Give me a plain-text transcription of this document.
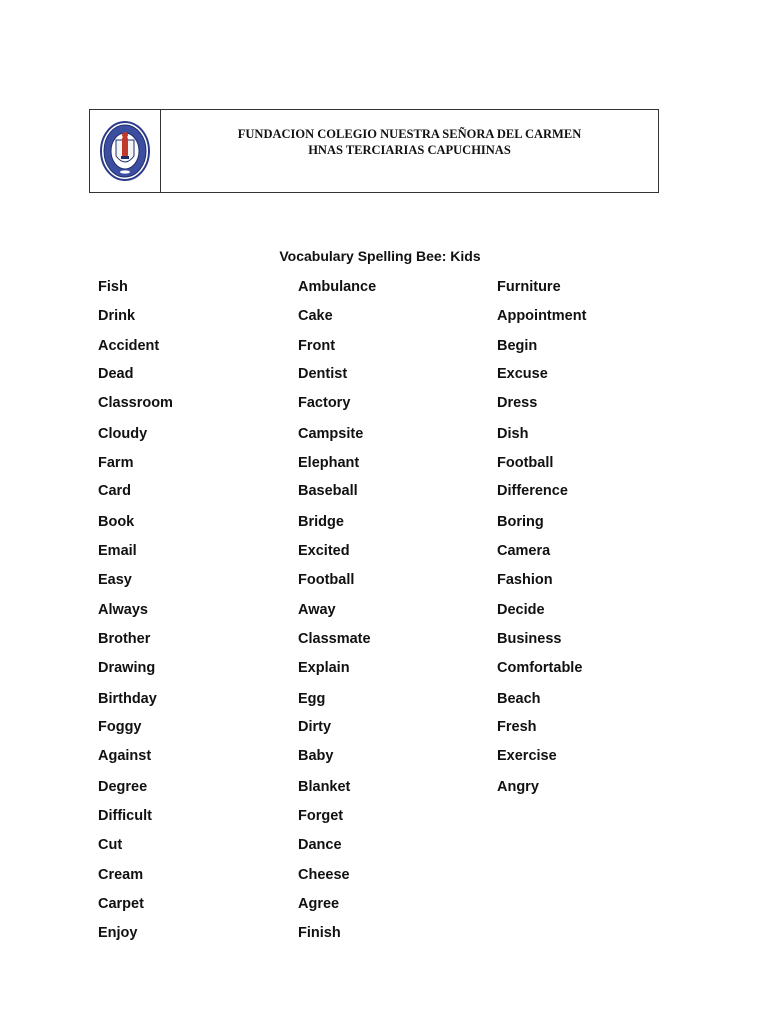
FUNDACION COLEGIO NUESTRA SEÑORA DEL CARMEN
HNAS TERCIARIAS CAPUCHINAS
Vocabulary Spelling Bee: Kids
Fish
Drink
Accident
Dead
Classroom
Cloudy
Farm
Card
Book
Email
Easy
Always
Brother
Drawing
Birthday
Foggy
Against
Degree
Difficult
Cut
Cream
Carpet
Enjoy
Ambulance
Cake
Front
Dentist
Factory
Campsite
Elephant
Baseball
Bridge
Excited
Football
Away
Classmate
Explain
Egg
Dirty
Baby
Blanket
Forget
Dance
Cheese
Agree
Finish
Furniture
Appointment
Begin
Excuse
Dress
Dish
Football
Difference
Boring
Camera
Fashion
Decide
Business
Comfortable
Beach
Fresh
Exercise
Angry
